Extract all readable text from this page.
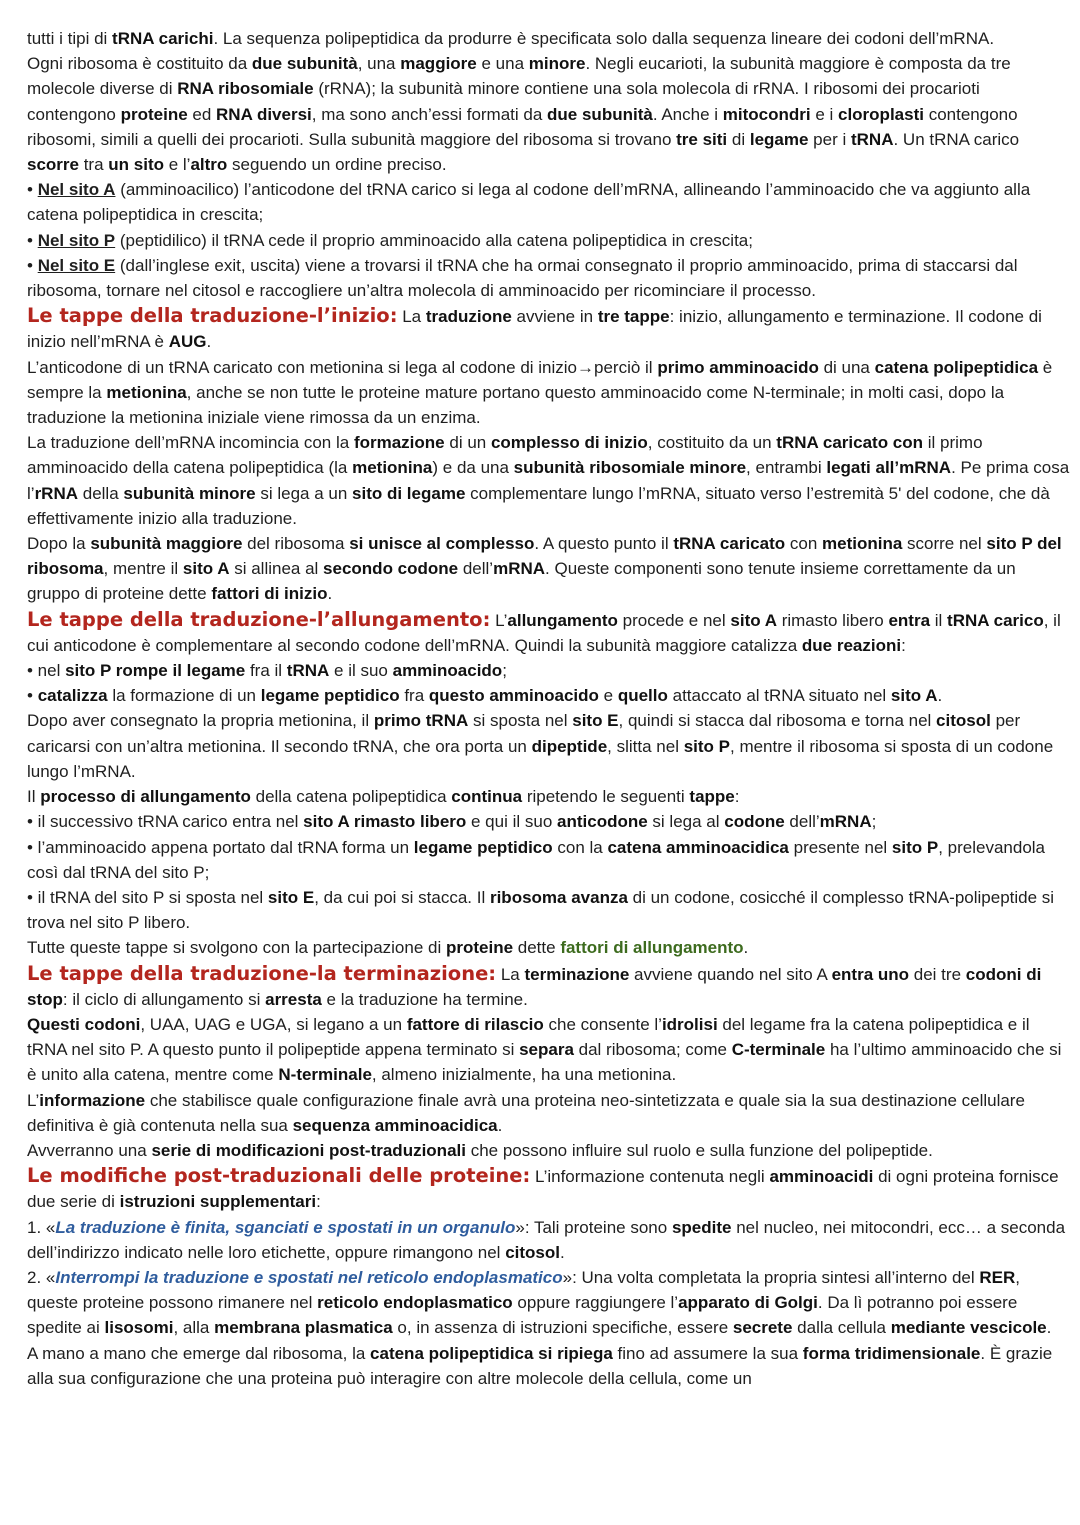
tutti i tipi di tRNA carichi. La sequenza polipeptidica da produrre è specificata solo dalla sequenza lineare dei codoni dell’mRNA.

Ogni ribosoma è costituito da due subunità, una maggiore e una minore. Negli eucarioti, la subunità maggiore è composta da tre molecole diverse di RNA ribosomiale (rRNA); la subunità minore contiene una sola molecola di rRNA. I ribosomi dei procarioti contengono proteine ed RNA diversi, ma sono anch’essi formati da due subunità. Anche i mitocondri e i cloroplasti contengono ribosomi, simili a quelli dei procarioti. Sulla subunità maggiore del ribosoma si trovano tre siti di legame per i tRNA. Un tRNA carico scorre tra un sito e l’altro seguendo un ordine preciso.

• Nel sito A (amminoacilico) l’anticodone del tRNA carico si lega al codone dell’mRNA, allineando l’amminoacido che va aggiunto alla catena polipeptidica in crescita;

• Nel sito P (peptidilico) il tRNA cede il proprio amminoacido alla catena polipeptidica in crescita;

• Nel sito E (dall’inglese exit, uscita) viene a trovarsi il tRNA che ha ormai consegnato il proprio amminoacido, prima di staccarsi dal ribosoma, tornare nel citosol e raccogliere un’altra molecola di amminoacido per ricominciare il processo.

Le tappe della traduzione-l’inizio: La traduzione avviene in tre tappe: inizio, allungamento e terminazione. Il codone di inizio nell’mRNA è AUG.

L’anticodone di un tRNA caricato con metionina si lega al codone di inizio→perciò il primo amminoacido di una catena polipeptidica è sempre la metionina, anche se non tutte le proteine mature portano questo amminoacido come N-terminale; in molti casi, dopo la traduzione la metionina iniziale viene rimossa da un enzima.

La traduzione dell’mRNA incomincia con la formazione di un complesso di inizio, costituito da un tRNA caricato con il primo amminoacido della catena polipeptidica (la metionina) e da una subunità ribosomiale minore, entrambi legati all’mRNA. Pe prima cosa l’rRNA della subunità minore si lega a un sito di legame complementare lungo l’mRNA, situato verso l’estremità 5' del codone, che dà effettivamente inizio alla traduzione.

Dopo la subunità maggiore del ribosoma si unisce al complesso. A questo punto il tRNA caricato con metionina scorre nel sito P del ribosoma, mentre il sito A si allinea al secondo codone dell’mRNA. Queste componenti sono tenute insieme correttamente da un gruppo di proteine dette fattori di inizio.

Le tappe della traduzione-l’allungamento: L’allungamento procede e nel sito A rimasto libero entra il tRNA carico, il cui anticodone è complementare al secondo codone dell’mRNA. Quindi la subunità maggiore catalizza due reazioni:

• nel sito P rompe il legame fra il tRNA e il suo amminoacido;

• catalizza la formazione di un legame peptidico fra questo amminoacido e quello attaccato al tRNA situato nel sito A.

Dopo aver consegnato la propria metionina, il primo tRNA si sposta nel sito E, quindi si stacca dal ribosoma e torna nel citosol per caricarsi con un’altra metionina. Il secondo tRNA, che ora porta un dipeptide, slitta nel sito P, mentre il ribosoma si sposta di un codone lungo l’mRNA.

Il processo di allungamento della catena polipeptidica continua ripetendo le seguenti tappe:

• il successivo tRNA carico entra nel sito A rimasto libero e qui il suo anticodone si lega al codone dell’mRNA;

• l’amminoacido appena portato dal tRNA forma un legame peptidico con la catena amminoacidica presente nel sito P, prelevandola così dal tRNA del sito P;

• il tRNA del sito P si sposta nel sito E, da cui poi si stacca. Il ribosoma avanza di un codone, cosicché il complesso tRNA-polipeptide si trova nel sito P libero.

Tutte queste tappe si svolgono con la partecipazione di proteine dette fattori di allungamento.

Le tappe della traduzione-la terminazione: La terminazione avviene quando nel sito A entra uno dei tre codoni di stop: il ciclo di allungamento si arresta e la traduzione ha termine.

Questi codoni, UAA, UAG e UGA, si legano a un fattore di rilascio che consente l’idrolisi del legame fra la catena polipeptidica e il tRNA nel sito P. A questo punto il polipeptide appena terminato si separa dal ribosoma; come C-terminale ha l’ultimo amminoacido che si è unito alla catena, mentre come N-terminale, almeno inizialmente, ha una metionina.

L’informazione che stabilisce quale configurazione finale avrà una proteina neo-sintetizzata e quale sia la sua destinazione cellulare definitiva è già contenuta nella sua sequenza amminoacidica.

Avverranno una serie di modificazioni post-traduzionali che possono influire sul ruolo e sulla funzione del polipeptide.

Le modifiche post-traduzionali delle proteine: L’informazione contenuta negli amminoacidi di ogni proteina fornisce due serie di istruzioni supplementari:

1. «La traduzione è finita, sganciati e spostati in un organulo»: Tali proteine sono spedite nel nucleo, nei mitocondri, ecc… a seconda dell’indirizzo indicato nelle loro etichette, oppure rimangono nel citosol.

2. «Interrompi la traduzione e spostati nel reticolo endoplasmatico»: Una volta completata la propria sintesi all’interno del RER, queste proteine possono rimanere nel reticolo endoplasmatico oppure raggiungere l’apparato di Golgi. Da lì potranno poi essere spedite ai lisosomi, alla membrana plasmatica o, in assenza di istruzioni specifiche, essere secrete dalla cellula mediante vescicole.

A mano a mano che emerge dal ribosoma, la catena polipeptidica si ripiega fino ad assumere la sua forma tridimensionale. È grazie alla sua configurazione che una proteina può interagire con altre molecole della cellula, come un
